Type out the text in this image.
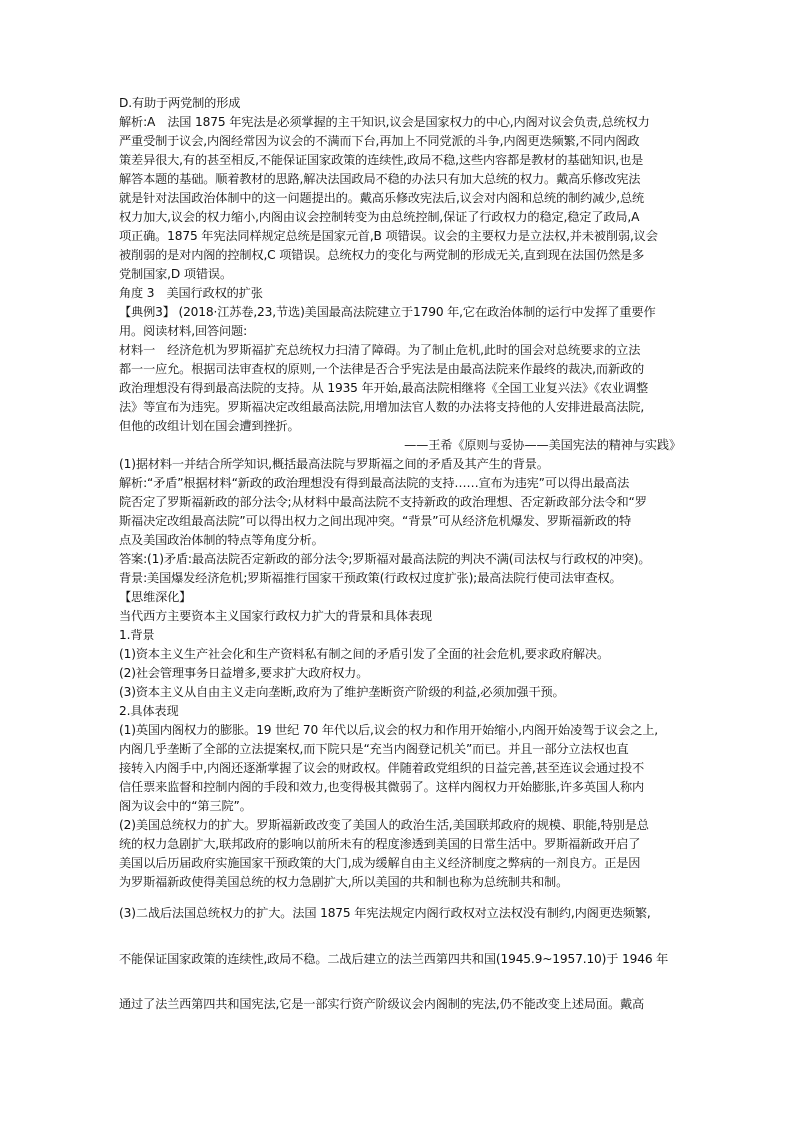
D.有助于两党制的形成
解析:A　法国 1875 年宪法是必须掌握的主干知识,议会是国家权力的中心,内阁对议会负责,总统权力
严重受制于议会,内阁经常因为议会的不满而下台,再加上不同党派的斗争,内阁更迭频繁,不同内阁政
策差异很大,有的甚至相反,不能保证国家政策的连续性,政局不稳,这些内容都是教材的基础知识,也是
解答本题的基础。顺着教材的思路,解决法国政局不稳的办法只有加大总统的权力。戴高乐修改宪法
就是针对法国政治体制中的这一问题提出的。戴高乐修改宪法后,议会对内阁和总统的制约减少,总统
权力加大,议会的权力缩小,内阁由议会控制转变为由总统控制,保证了行政权力的稳定,稳定了政局,A
项正确。1875 年宪法同样规定总统是国家元首,B 项错误。议会的主要权力是立法权,并未被削弱,议会
被削弱的是对内阁的控制权,C 项错误。总统权力的变化与两党制的形成无关,直到现在法国仍然是多
党制国家,D 项错误。
角度 3　美国行政权的扩张
【典例3】 (2018·江苏卷,23,节选)美国最高法院建立于1790 年,它在政治体制的运行中发挥了重要作
用。阅读材料,回答问题:
材料一　经济危机为罗斯福扩充总统权力扫清了障碍。为了制止危机,此时的国会对总统要求的立法
都一一应允。根据司法审查权的原则,一个法律是否合乎宪法是由最高法院来作最终的裁决,而新政的
政治理想没有得到最高法院的支持。从 1935 年开始,最高法院相继将《全国工业复兴法》《农业调整
法》等宣布为违宪。罗斯福决定改组最高法院,用增加法官人数的办法将支持他的人安排进最高法院,
但他的改组计划在国会遭到挫折。
——王希《原则与妥协——美国宪法的精神与实践》
(1)据材料一并结合所学知识,概括最高法院与罗斯福之间的矛盾及其产生的背景。
解析:“矛盾”根据材料“新政的政治理想没有得到最高法院的支持……宣布为违宪”可以得出最高法
院否定了罗斯福新政的部分法令;从材料中最高法院不支持新政的政治理想、否定新政部分法令和“罗
斯福决定改组最高法院”可以得出权力之间出现冲突。“背景”可从经济危机爆发、罗斯福新政的特
点及美国政治体制的特点等角度分析。
答案:(1)矛盾:最高法院否定新政的部分法令;罗斯福对最高法院的判决不满(司法权与行政权的冲突)。
背景:美国爆发经济危机;罗斯福推行国家干预政策(行政权过度扩张);最高法院行使司法审查权。
【思维深化】
当代西方主要资本主义国家行政权力扩大的背景和具体表现
1.背景
(1)资本主义生产社会化和生产资料私有制之间的矛盾引发了全面的社会危机,要求政府解决。
(2)社会管理事务日益增多,要求扩大政府权力。
(3)资本主义从自由主义走向垄断,政府为了维护垄断资产阶级的利益,必须加强干预。
2.具体表现
(1)英国内阁权力的膨胀。19 世纪 70 年代以后,议会的权力和作用开始缩小,内阁开始凌驾于议会之上,
内阁几乎垄断了全部的立法提案权,而下院只是“充当内阁登记机关”而已。并且一部分立法权也直
接转入内阁手中,内阁还逐渐掌握了议会的财政权。伴随着政党组织的日益完善,甚至连议会通过投不
信任票来监督和控制内阁的手段和效力,也变得极其微弱了。这样内阁权力开始膨胀,许多英国人称内
阁为议会中的“第三院”。
(2)美国总统权力的扩大。罗斯福新政改变了美国人的政治生活,美国联邦政府的规模、职能,特别是总
统的权力急剧扩大,联邦政府的影响以前所未有的程度渗透到美国的日常生活中。罗斯福新政开启了
美国以后历届政府实施国家干预政策的大门,成为缓解自由主义经济制度之弊病的一剂良方。正是因
为罗斯福新政使得美国总统的权力急剧扩大,所以美国的共和制也称为总统制共和制。
(3)二战后法国总统权力的扩大。法国 1875 年宪法规定内阁行政权对立法权没有制约,内阁更迭频繁,
不能保证国家政策的连续性,政局不稳。二战后建立的法兰西第四共和国(1945.9~1957.10)于 1946 年
通过了法兰西第四共和国宪法,它是一部实行资产阶级议会内阁制的宪法,仍不能改变上述局面。戴高
